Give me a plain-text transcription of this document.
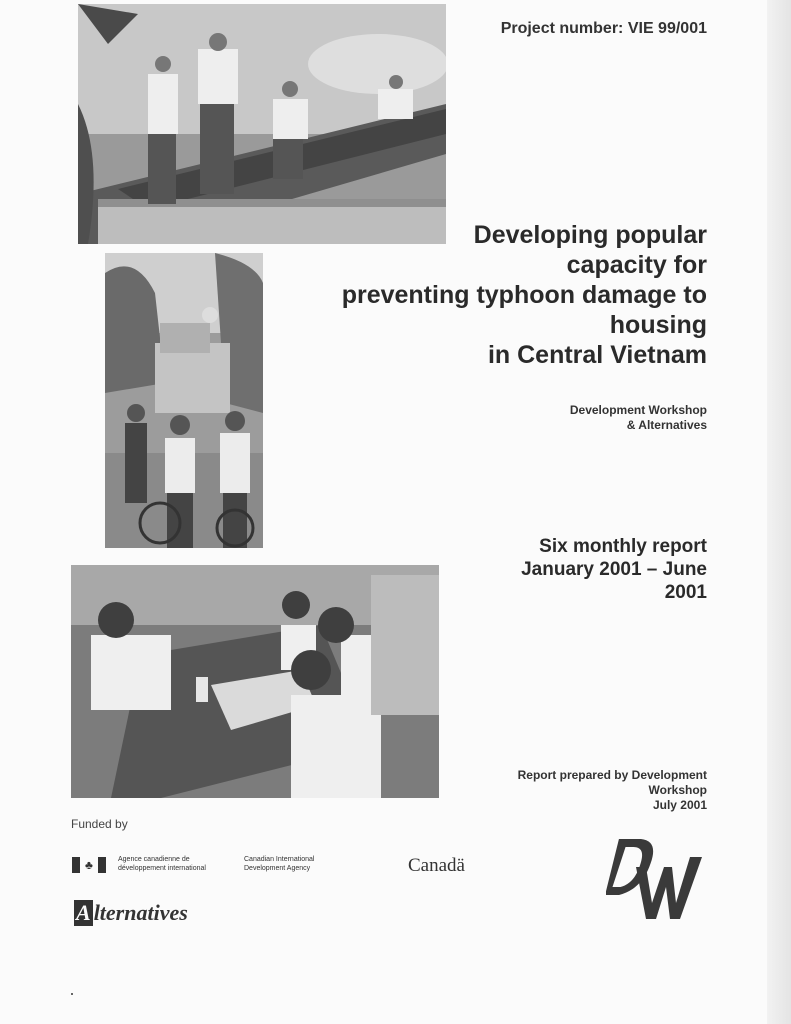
Project number: VIE 99/001
Developing popular
capacity for
preventing typhoon damage to
housing
in Central Vietnam
Development Workshop
& Alternatives
Six monthly report
January 2001 – June
2001
Report prepared by Development
Workshop
July 2001
Funded by
♣	Agence canadienne de
développement international
Canadian International
Development Agency	Canadä
A lternatives
